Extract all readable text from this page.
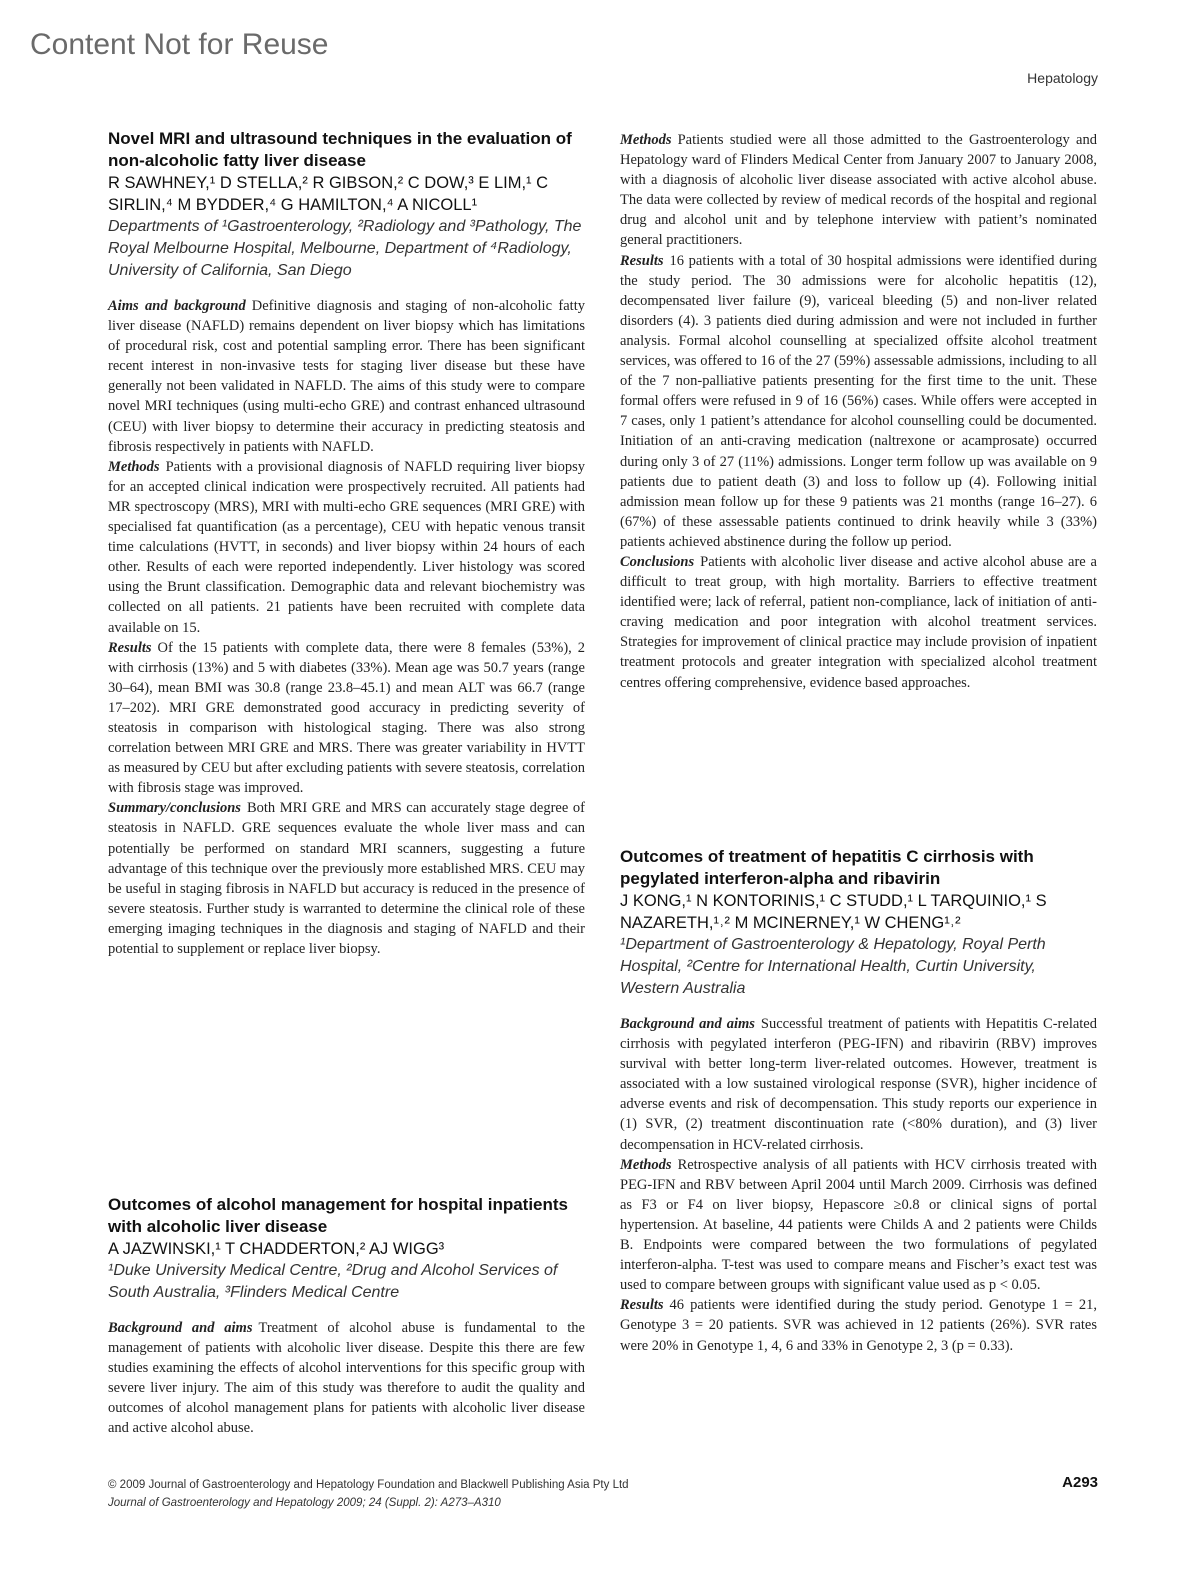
Content Not for Reuse
Hepatology
Novel MRI and ultrasound techniques in the evaluation of non-alcoholic fatty liver disease

R SAWHNEY,¹ D STELLA,² R GIBSON,² C DOW,³ E LIM,¹ C SIRLIN,⁴ M BYDDER,⁴ G HAMILTON,⁴ A NICOLL¹

Departments of ¹Gastroenterology, ²Radiology and ³Pathology, The Royal Melbourne Hospital, Melbourne, Department of ⁴Radiology, University of California, San Diego

Aims and background Definitive diagnosis and staging of non-alcoholic fatty liver disease (NAFLD) remains dependent on liver biopsy which has limitations of procedural risk, cost and potential sampling error. There has been significant recent interest in non-invasive tests for staging liver disease but these have generally not been validated in NAFLD. The aims of this study were to compare novel MRI techniques (using multi-echo GRE) and contrast enhanced ultrasound (CEU) with liver biopsy to determine their accuracy in predicting steatosis and fibrosis respectively in patients with NAFLD.

Methods Patients with a provisional diagnosis of NAFLD requiring liver biopsy for an accepted clinical indication were prospectively recruited. All patients had MR spectroscopy (MRS), MRI with multi-echo GRE sequences (MRI GRE) with specialised fat quantification (as a percentage), CEU with hepatic venous transit time calculations (HVTT, in seconds) and liver biopsy within 24 hours of each other. Results of each were reported independently. Liver histology was scored using the Brunt classification. Demographic data and relevant biochemistry was collected on all patients. 21 patients have been recruited with complete data available on 15.

Results Of the 15 patients with complete data, there were 8 females (53%), 2 with cirrhosis (13%) and 5 with diabetes (33%). Mean age was 50.7 years (range 30–64), mean BMI was 30.8 (range 23.8–45.1) and mean ALT was 66.7 (range 17–202). MRI GRE demonstrated good accuracy in predicting severity of steatosis in comparison with histological staging. There was also strong correlation between MRI GRE and MRS. There was greater variability in HVTT as measured by CEU but after excluding patients with severe steatosis, correlation with fibrosis stage was improved.

Summary/conclusions Both MRI GRE and MRS can accurately stage degree of steatosis in NAFLD. GRE sequences evaluate the whole liver mass and can potentially be performed on standard MRI scanners, suggesting a future advantage of this technique over the previously more established MRS. CEU may be useful in staging fibrosis in NAFLD but accuracy is reduced in the presence of severe steatosis. Further study is warranted to determine the clinical role of these emerging imaging techniques in the diagnosis and staging of NAFLD and their potential to supplement or replace liver biopsy.

Outcomes of alcohol management for hospital inpatients with alcoholic liver disease

A JAZWINSKI,¹ T CHADDERTON,² AJ WIGG³

¹Duke University Medical Centre, ²Drug and Alcohol Services of South Australia, ³Flinders Medical Centre

Background and aims Treatment of alcohol abuse is fundamental to the management of patients with alcoholic liver disease. Despite this there are few studies examining the effects of alcohol interventions for this specific group with severe liver injury. The aim of this study was therefore to audit the quality and outcomes of alcohol management plans for patients with alcoholic liver disease and active alcohol abuse.

Methods Patients studied were all those admitted to the Gastroenterology and Hepatology ward of Flinders Medical Center from January 2007 to January 2008, with a diagnosis of alcoholic liver disease associated with active alcohol abuse. The data were collected by review of medical records of the hospital and regional drug and alcohol unit and by telephone interview with patient’s nominated general practitioners.

Results 16 patients with a total of 30 hospital admissions were identified during the study period. The 30 admissions were for alcoholic hepatitis (12), decompensated liver failure (9), variceal bleeding (5) and non-liver related disorders (4). 3 patients died during admission and were not included in further analysis. Formal alcohol counselling at specialized offsite alcohol treatment services, was offered to 16 of the 27 (59%) assessable admissions, including to all of the 7 non-palliative patients presenting for the first time to the unit. These formal offers were refused in 9 of 16 (56%) cases. While offers were accepted in 7 cases, only 1 patient’s attendance for alcohol counselling could be documented. Initiation of an anti-craving medication (naltrexone or acamprosate) occurred during only 3 of 27 (11%) admissions. Longer term follow up was available on 9 patients due to patient death (3) and loss to follow up (4). Following initial admission mean follow up for these 9 patients was 21 months (range 16–27). 6 (67%) of these assessable patients continued to drink heavily while 3 (33%) patients achieved abstinence during the follow up period.

Conclusions Patients with alcoholic liver disease and active alcohol abuse are a difficult to treat group, with high mortality. Barriers to effective treatment identified were; lack of referral, patient non-compliance, lack of initiation of anti-craving medication and poor integration with alcohol treatment services. Strategies for improvement of clinical practice may include provision of inpatient treatment protocols and greater integration with specialized alcohol treatment centres offering comprehensive, evidence based approaches.

Outcomes of treatment of hepatitis C cirrhosis with pegylated interferon-alpha and ribavirin

J KONG,¹ N KONTORINIS,¹ C STUDD,¹ L TARQUINIO,¹ S NAZARETH,¹˒² M MCINERNEY,¹ W CHENG¹˒²

¹Department of Gastroenterology & Hepatology, Royal Perth Hospital, ²Centre for International Health, Curtin University, Western Australia

Background and aims Successful treatment of patients with Hepatitis C-related cirrhosis with pegylated interferon (PEG-IFN) and ribavirin (RBV) improves survival with better long-term liver-related outcomes. However, treatment is associated with a low sustained virological response (SVR), higher incidence of adverse events and risk of decompensation. This study reports our experience in (1) SVR, (2) treatment discontinuation rate (<80% duration), and (3) liver decompensation in HCV-related cirrhosis.

Methods Retrospective analysis of all patients with HCV cirrhosis treated with PEG-IFN and RBV between April 2004 until March 2009. Cirrhosis was defined as F3 or F4 on liver biopsy, Hepascore ≥0.8 or clinical signs of portal hypertension. At baseline, 44 patients were Childs A and 2 patients were Childs B. Endpoints were compared between the two formulations of pegylated interferon-alpha. T-test was used to compare means and Fischer’s exact test was used to compare between groups with significant value used as p < 0.05.

Results 46 patients were identified during the study period. Genotype 1 = 21, Genotype 3 = 20 patients. SVR was achieved in 12 patients (26%). SVR rates were 20% in Genotype 1, 4, 6 and 33% in Genotype 2, 3 (p = 0.33).

© 2009 Journal of Gastroenterology and Hepatology Foundation and Blackwell Publishing Asia Pty Ltd
Journal of Gastroenterology and Hepatology 2009; 24 (Suppl. 2): A273–A310
A293
